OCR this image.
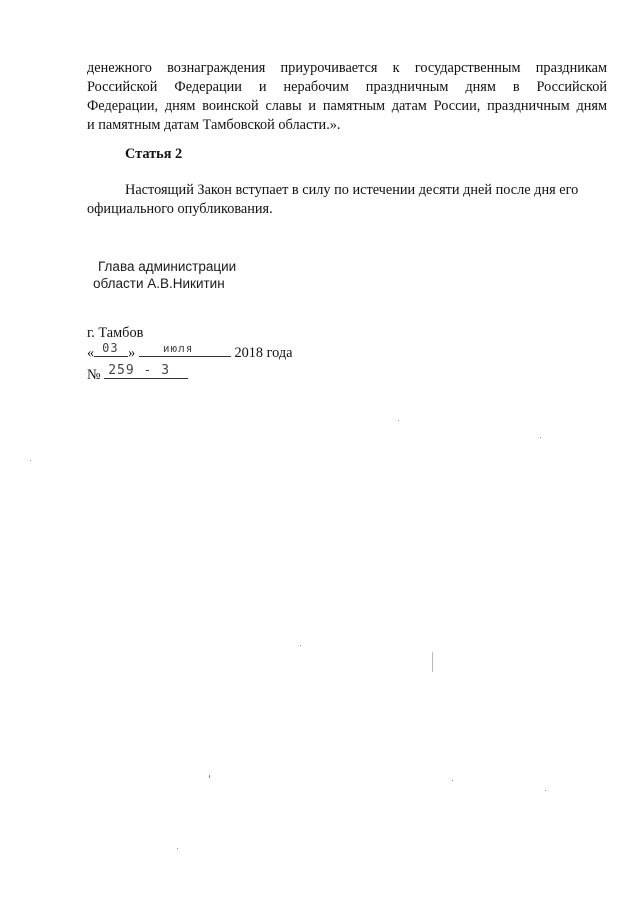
денежного вознаграждения приурочивается к государственным праздникам
Российской Федерации и нерабочим праздничным дням в Российской
Федерации, дням воинской славы и памятным датам России, праздничным дням
и памятным датам Тамбовской области.».
Статья 2
Настоящий Закон вступает в силу по истечении десяти дней после дня его
официального опубликования.
Глава администрации
области А.В.Никитин
г. Тамбов
« 03 »	июля	2018 года
№ 259 - 3
